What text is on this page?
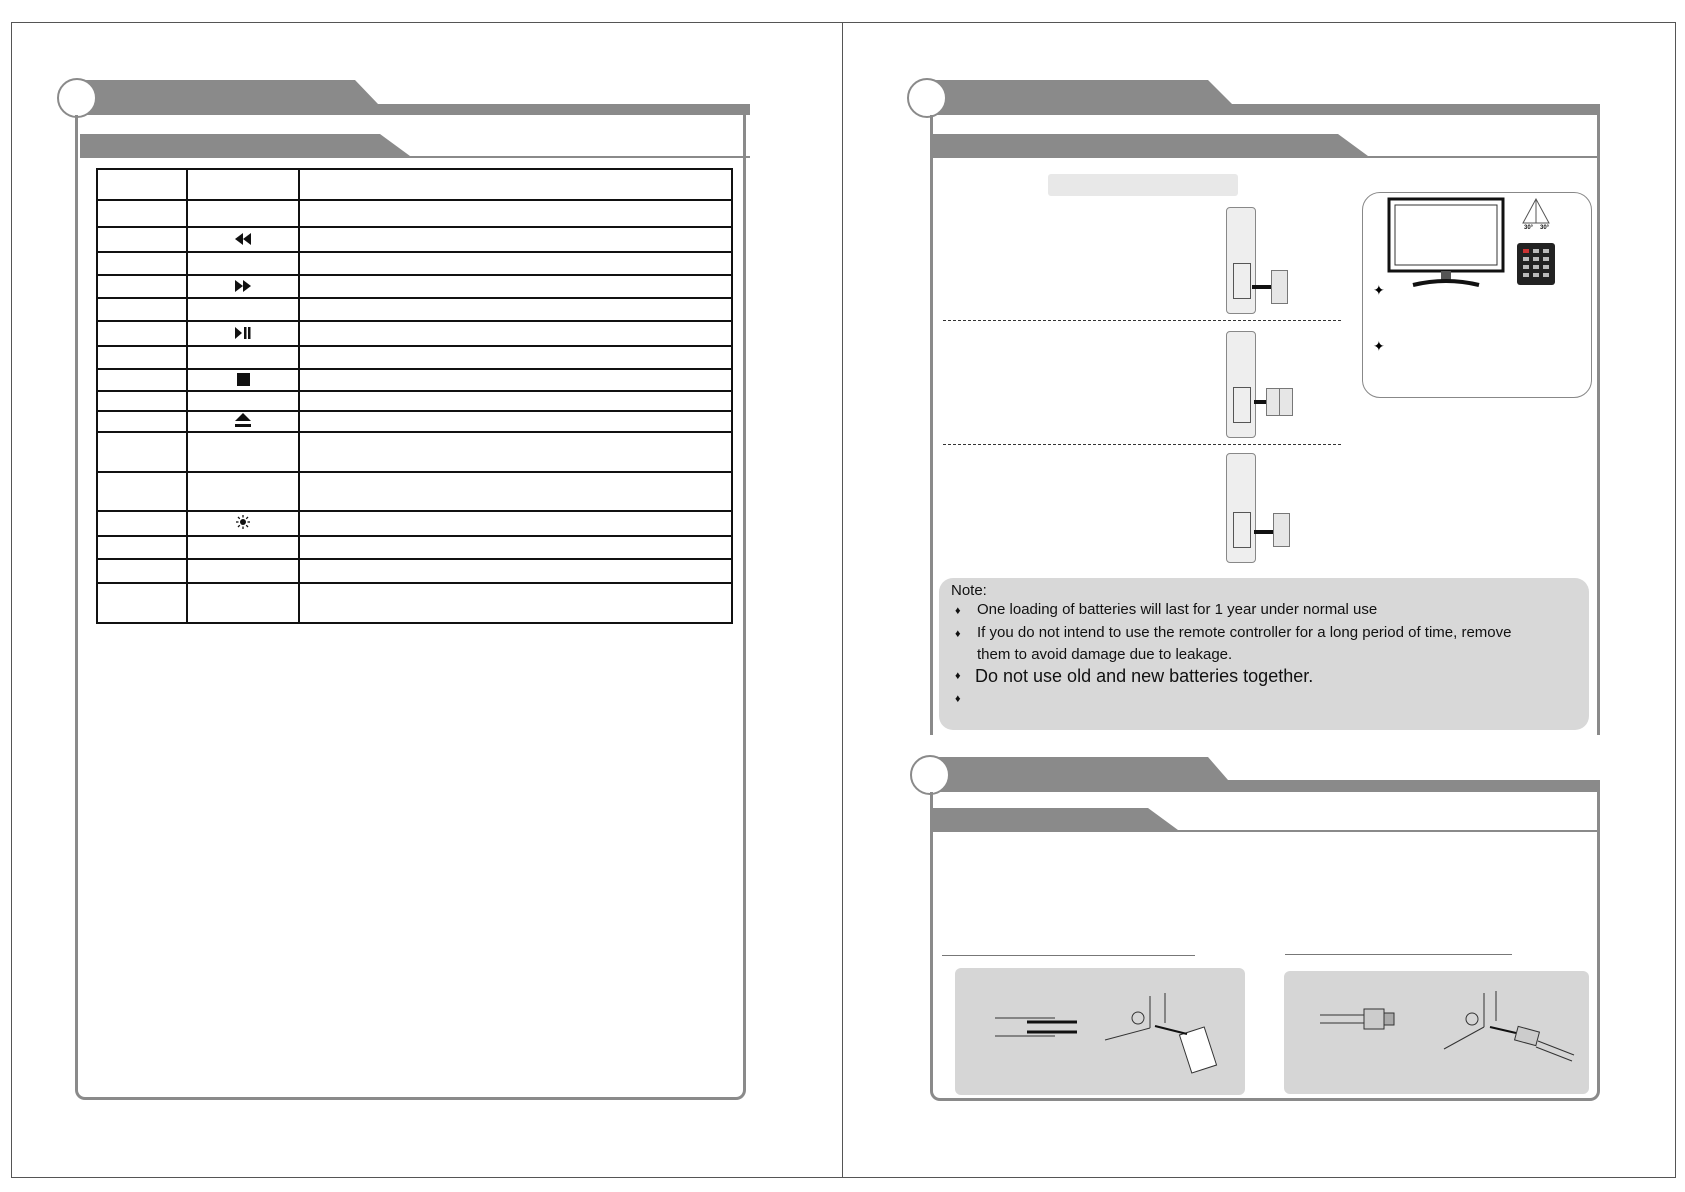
✦
✦
30° 30°
Note:
♦ One loading of batteries will last for 1 year under normal use
♦ If you do not intend to use the remote controller for a long period of time, remove
them to avoid damage due to leakage.
♦ Do not use old and new batteries together.
♦
